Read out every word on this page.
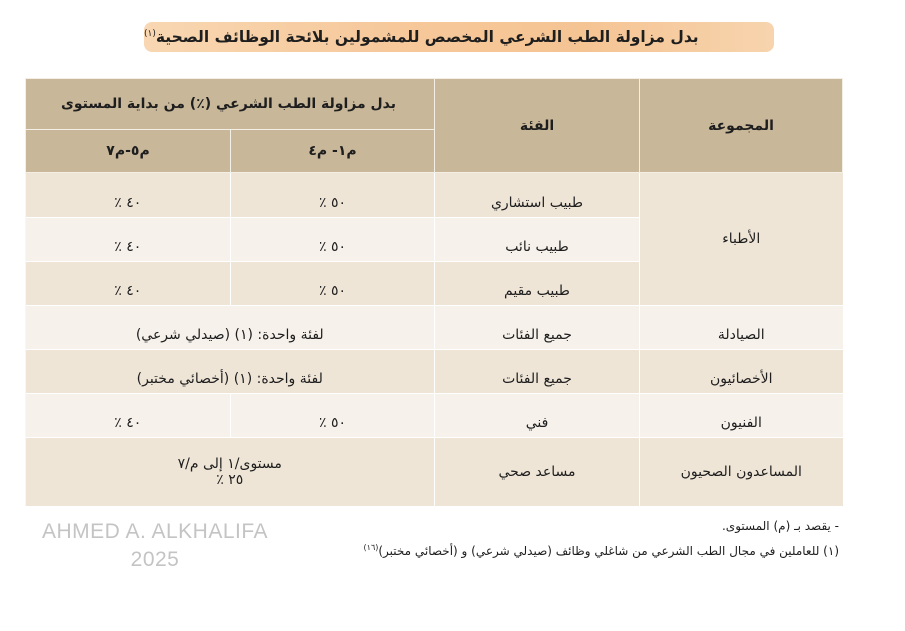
بدل مزاولة الطب الشرعي المخصص للمشمولين بلائحة الوظائف الصحية$^{(١)}$
المجموعة	الفئة	بدل مزاولة الطب الشرعي (٪) من بداية المستوى	
		م١- م٤	م٥-م٧
الأطباء	طبيب استشاري	٥٠ ٪	٤٠ ٪
	طبيب نائب	٥٠ ٪	٤٠ ٪
	طبيب مقيم	٥٠ ٪	٤٠ ٪
الصيادلة	جميع الفئات	لفئة واحدة: (١) (صيدلي شرعي)	
الأخصائيون	جميع الفئات	لفئة واحدة: (١) (أخصائي مختبر)	
الفنيون	فني	٥٠ ٪	٤٠ ٪
المساعدون الصحيون	مساعد صحي	مستوى/١ إلى م/٧
٢٥ ٪	

- يقصد بـ (م) المستوى.

(١) للعاملين في مجال الطب الشرعي من شاغلي وظائف (صيدلي شرعي) و (أخصائي مختبر)$^{(١٦)}$

AHMED A. ALKHALIFA
2025
